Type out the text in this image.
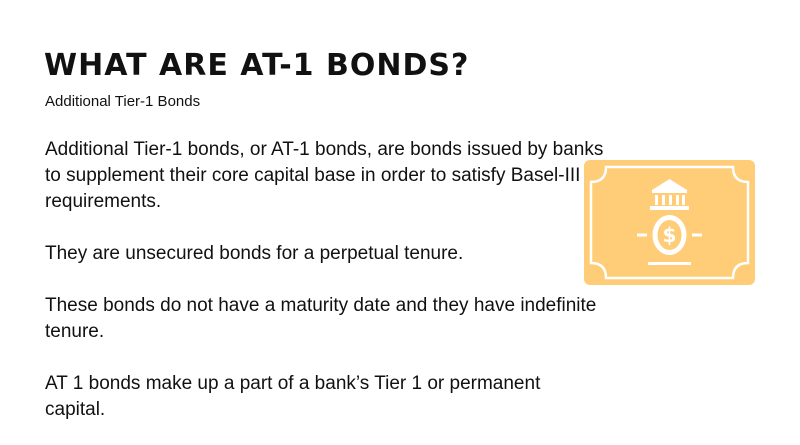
WHAT ARE AT-1 BONDS?
Additional Tier-1 Bonds

Additional Tier-1 bonds, or AT-1 bonds, are bonds issued by banks to supplement their core capital base in order to satisfy Basel-III requirements.

They are unsecured bonds for a perpetual tenure.

These bonds do not have a maturity date and they have indefinite tenure.

AT 1 bonds make up a part of a bank’s Tier 1 or permanent capital.

$
